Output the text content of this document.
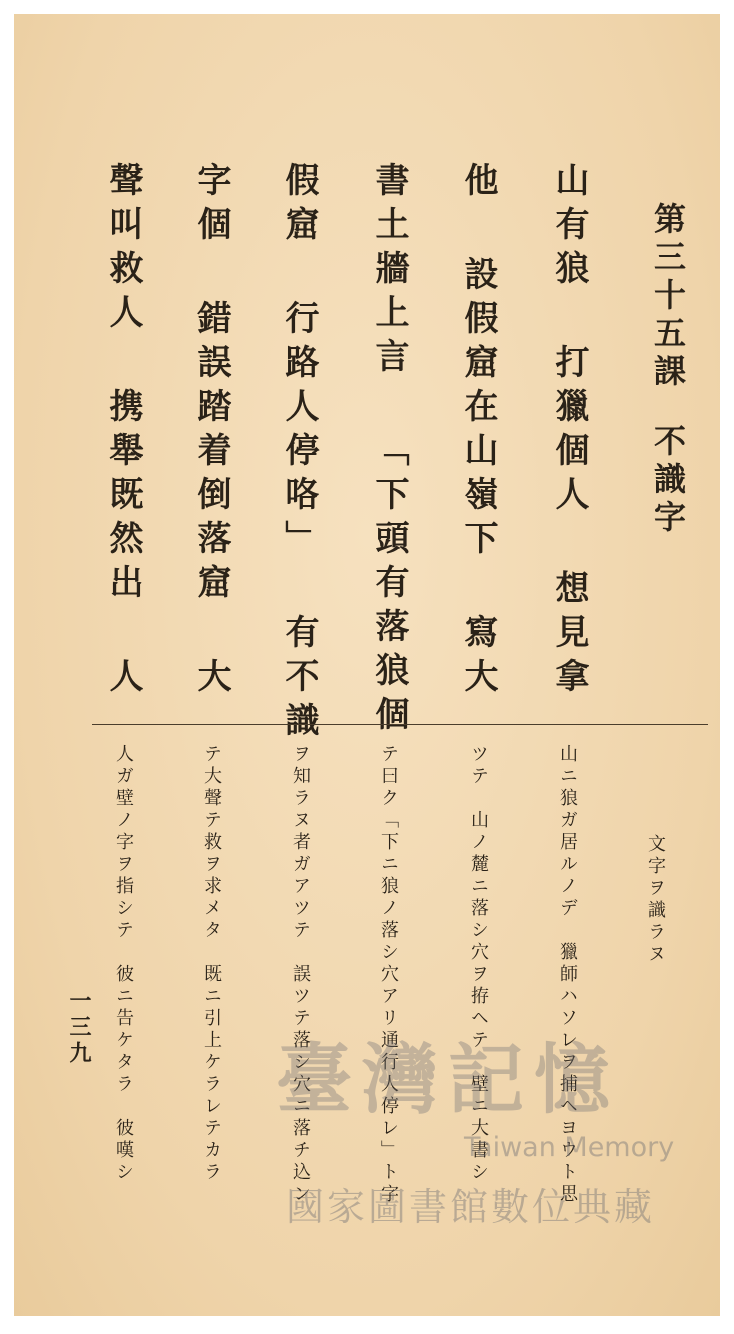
第三十五課
不識字
山有狼 打獵個人 想見拿
他 設假窟在山嶺下 寫大
書土牆上言 「下頭有落狼個
假窟 行路人停咯」 有不識
字個 錯誤踏着倒落窟 大
聲叫救人 携舉既然出 人
文字ヲ識ラヌ
山ニ狼ガ居ルノデ　獵師ハソレヲ捕ヘヨウト思
ツテ　山ノ麓ニ落シ穴ヲ拵ヘテ　壁ニ大書シ
テ曰ク「下ニ狼ノ落シ穴アリ通行人停レ」ト字
ヲ知ラヌ者ガアツテ　誤ツテ落シ穴ニ落チ込ン
テ大聲テ救ヲ求メタ　既ニ引上ケラレテカラ
人ガ壁ノ字ヲ指シテ　彼ニ告ケタラ　彼嘆シ
一三九
臺灣記憶
Taiwan Memory
國家圖書館數位典藏
